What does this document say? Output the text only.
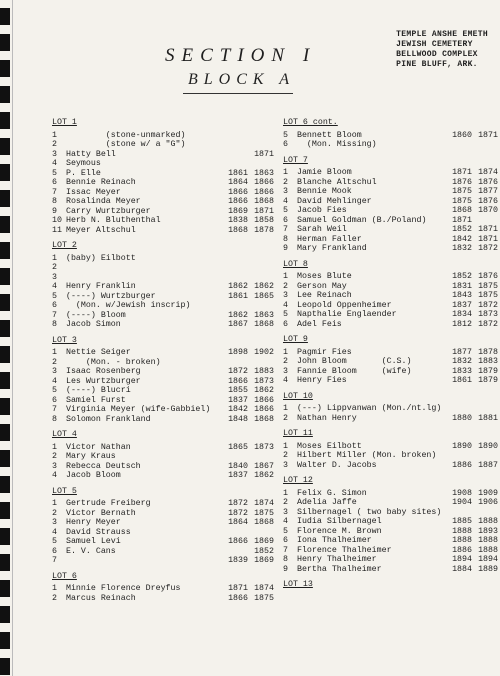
TEMPLE ANSHE EMETH
JEWISH CEMETERY
BELLWOOD COMPLEX
PINE BLUFF, ARK.
SECTION I
BLOCK A
LOT 1
1 (stone-unmarked)
2 (stone w/ a "G")
3 Hatty Bell	1871
4 Seymous
5 P. Elle	1861 1863
6 Bennie Reinach	1864 1866
7 Issac Meyer	1866 1866
8 Rosalinda Meyer	1866 1868
9 Carry Wurtzburger	1869 1871
10 Herb N. Bluthenthal	1838 1858
11 Meyer Altschul	1868 1878
LOT 2
1 (baby) Eilbott
2
3
4 Henry Franklin	1862 1862
5 (----) Wurtzburger	1861 1865
6 (Mon. w/Jewish inscrip)
7 (----) Bloom	1862 1863
8 Jacob Simon	1867 1868
LOT 3
1 Nettie Seiger	1898 1902
2 (Mon. - broken)
3 Isaac Rosenberg	1872 1883
4 Les Wurtzburger	1866 1873
5 (----) Blucri	1855 1862
6 Samiel Furst	1837 1866
7 Virginia Meyer (wife-Gabbiel)	1842 1866
8 Solomon Frankland	1848 1868
LOT 4
1 Victor Nathan	1865 1873
2 Mary Kraus
3 Rebecca Deutsch	1840 1867
4 Jacob Bloom	1837 1862
LOT 5
1 Gertrude Freiberg	1872 1874
2 Victor Bernath	1872 1875
3 Henry Meyer	1864 1868
4 David Strauss
5 Samuel Levi	1866 1869
6 E. V. Cans	1852
7	1839 1869
LOT 6
1 Minnie Florence Dreyfus	1871 1874
2 Marcus Reinach	1866 1875
LOT 6 cont.
5 Bennett Bloom	1860 1871
6 (Mon. Missing)
LOT 7
1 Jamie Bloom	1871 1874
2 Blanche Altschul	1876 1876
3 Bennie Mook	1875 1877
4 David Mehlinger	1875 1876
5 Jacob Fies	1868 1870
6 Samuel Goldman (B./Poland)	1871
7 Sarah Weil	1852 1871
8 Herman Faller	1842 1871
9 Mary Frankland	1832 1872
LOT 8
1 Moses Blute	1852 1876
2 Gerson May	1831 1875
3 Lee Reinach	1843 1875
4 Leopold Oppenheimer	1837 1872
5 Napthalie Englaender	1834 1873
6 Adel Feis	1812 1872
LOT 9
1 Pagmir Fies	1877 1878
2 John Bloom       (C.S.)	1832 1883
3 Fannie Bloom     (wife)	1833 1879
4 Henry Fies	1861 1879
LOT 10
1 (---) Lippvanwan (Mon./nt.lg)
2 Nathan Henry	1880 1881
LOT 11
1 Moses Eilbott	1890 1890
2 Hilbert Miller (Mon. broken)
3 Walter D. Jacobs	1886 1887
LOT 12
1 Felix G. Simon	1908 1909
2 Adelia Jaffe	1904 1906
3 Silbernagel ( two baby sites)
4 Iudia Silbernagel	1885 1888
5 Florence M. Brown	1888 1893
6 Iona Thalheimer	1888 1888
7 Florence Thalheimer	1886 1888
8 Henry Thalheimer	1894 1894
9 Bertha Thalheimer	1884 1889
LOT 13
